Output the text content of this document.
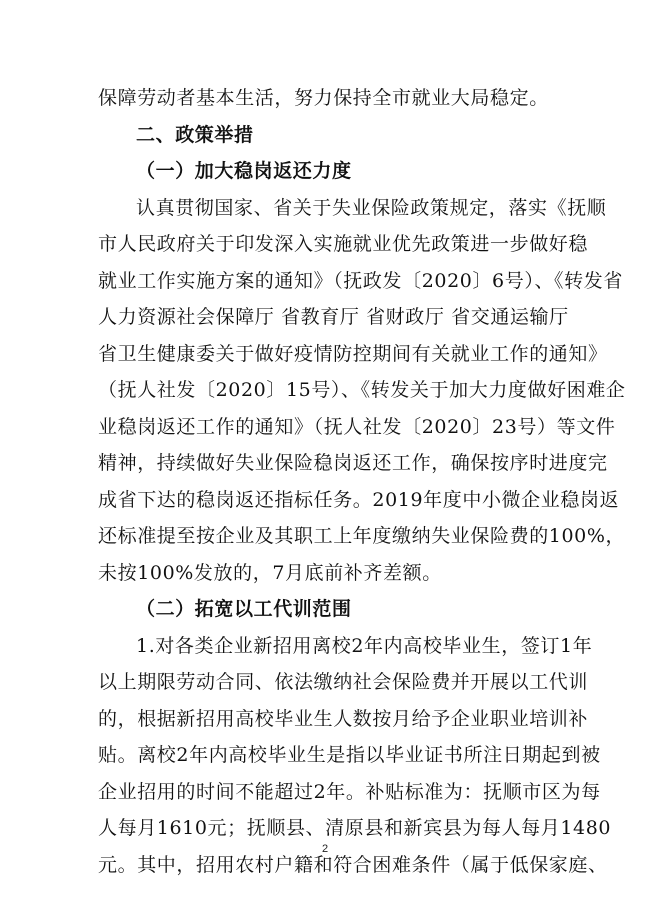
保障劳动者基本生活，努力保持全市就业大局稳定。
二、政策举措
（一）加大稳岗返还力度
认真贯彻国家、省关于失业保险政策规定，落实《抚顺
市人民政府关于印发深入实施就业优先政策进一步做好稳
就业工作实施方案的通知》（抚政发〔2020〕6号）、《转发省
人力资源社会保障厅 省教育厅 省财政厅 省交通运输厅
省卫生健康委关于做好疫情防控期间有关就业工作的通知》
（抚人社发〔2020〕15号）、《转发关于加大力度做好困难企
业稳岗返还工作的通知》（抚人社发〔2020〕23号）等文件
精神，持续做好失业保险稳岗返还工作，确保按序时进度完
成省下达的稳岗返还指标任务。2019年度中小微企业稳岗返
还标准提至按企业及其职工上年度缴纳失业保险费的100%，
未按100%发放的，7月底前补齐差额。
（二）拓宽以工代训范围
1.对各类企业新招用离校2年内高校毕业生，签订1年
以上期限劳动合同、依法缴纳社会保险费并开展以工代训
的，根据新招用高校毕业生人数按月给予企业职业培训补
贴。离校2年内高校毕业生是指以毕业证书所注日期起到被
企业招用的时间不能超过2年。补贴标准为：抚顺市区为每
人每月1610元；抚顺县、清原县和新宾县为每人每月1480
元。其中，招用农村户籍和符合困难条件（属于低保家庭、
2
